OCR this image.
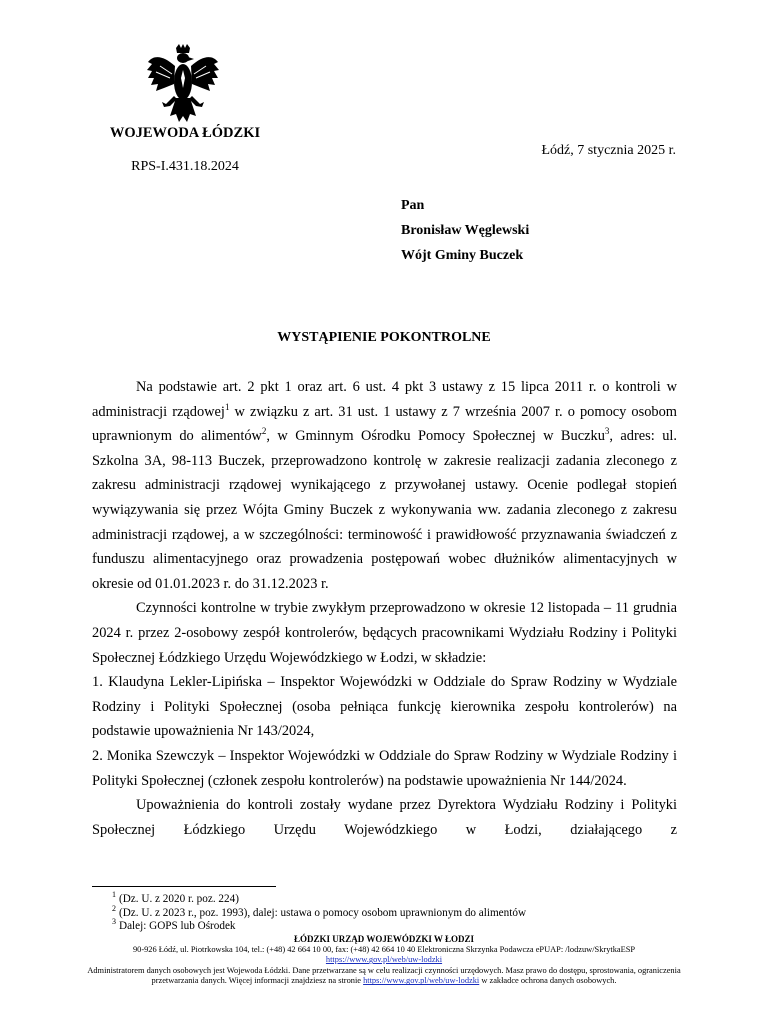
WOJEWODA ŁÓDZKI
RPS-I.431.18.2024
Łódź, 7 stycznia 2025 r.
Pan
Bronisław Węglewski
Wójt Gminy Buczek
WYSTĄPIENIE POKONTROLNE

Na podstawie art. 2 pkt 1 oraz art. 6 ust. 4 pkt 3 ustawy z 15 lipca 2011 r. o kontroli w administracji rządowej$^1$ w związku z art. 31 ust. 1 ustawy z 7 września 2007 r. o pomocy osobom uprawnionym do alimentów$^2$, w Gminnym Ośrodku Pomocy Społecznej w Buczku$^3$, adres: ul. Szkolna 3A, 98-113 Buczek, przeprowadzono kontrolę w zakresie realizacji zadania zleconego z zakresu administracji rządowej wynikającego z przywołanej ustawy. Ocenie podlegał stopień wywiązywania się przez Wójta Gminy Buczek z wykonywania ww. zadania zleconego z zakresu administracji rządowej, a w szczególności: terminowość i prawidłowość przyznawania świadczeń z funduszu alimentacyjnego oraz prowadzenia postępowań wobec dłużników alimentacyjnych w okresie od 01.01.2023 r. do 31.12.2023 r.

Czynności kontrolne w trybie zwykłym przeprowadzono w okresie 12 listopada – 11 grudnia 2024 r. przez 2-osobowy zespół kontrolerów, będących pracownikami Wydziału Rodziny i Polityki Społecznej Łódzkiego Urzędu Wojewódzkiego w Łodzi, w składzie:

1. Klaudyna Lekler-Lipińska – Inspektor Wojewódzki w Oddziale do Spraw Rodziny w Wydziale Rodziny i Polityki Społecznej (osoba pełniąca funkcję kierownika zespołu kontrolerów) na podstawie upoważnienia Nr 143/2024,

2. Monika Szewczyk – Inspektor Wojewódzki w Oddziale do Spraw Rodziny w Wydziale Rodziny i Polityki Społecznej (członek zespołu kontrolerów) na podstawie upoważnienia Nr 144/2024.

Upoważnienia do kontroli zostały wydane przez Dyrektora Wydziału Rodziny i Polityki Społecznej Łódzkiego Urzędu Wojewódzkiego w Łodzi, działającego z

$^1$ (Dz. U. z 2020 r. poz. 224)
$^2$ (Dz. U. z 2023 r., poz. 1993), dalej: ustawa o pomocy osobom uprawnionym do alimentów
$^3$ Dalej: GOPS lub Ośrodek
ŁÓDZKI URZĄD WOJEWÓDZKI W ŁODZI
90-926 Łódź, ul. Piotrkowska 104, tel.: (+48) 42 664 10 00, fax: (+48) 42 664 10 40 Elektroniczna Skrzynka Podawcza ePUAP: /lodzuw/SkrytkaESP
https://www.gov.pl/web/uw-lodzki
Administratorem danych osobowych jest Wojewoda Łódzki. Dane przetwarzane są w celu realizacji czynności urzędowych. Masz prawo do dostępu, sprostowania, ograniczenia przetwarzania danych. Więcej informacji znajdziesz na stronie https://www.gov.pl/web/uw-lodzki w zakładce ochrona danych osobowych.
